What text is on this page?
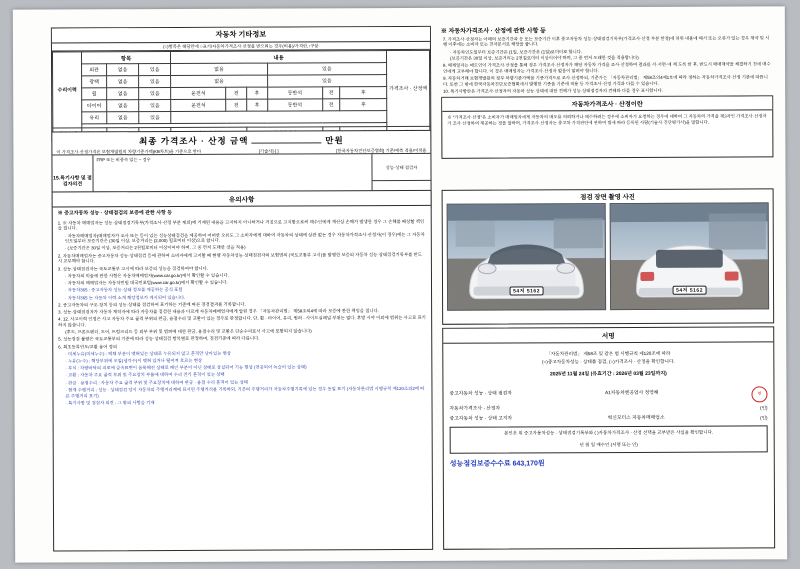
자동차 기타정보
(○)항목은 해당란에 ○표기/자동차가격조사·산정을 받으려는 경우(비용)/가격란,↑구분
수리이력	항목			내용						가격조사 · 산정액
	외관	없음	있음	없음			있음			
	광택	없음	있음	없음			있음			
	휠	없음	있음	운전석	전	후	동반석	전	후	
	타이어	없음	있음	운전석	전	후	동반석	전	후	
	유리	없음	있음							

최종 가격조사 · 산정 금액	만원
이 가격조사·산정가격은 보험개발원의 차량기준가액(KB차트)을 기준으로 한다	[기술사]·[ ]	[한국자동차진단보증협회] 기준/예측 적용/미적용
15.특기사항 및 점검자의견
FRP 또는 비중속 있는 ~ 경우
성능·상태 점검자
※ 자동차가격조사 · 산정에 관한 사항 등

7. 가격조사·산정자는 아래의 보증기간과 등 또는 보증기간 이후 중고자동차 성능·상태점검기록부(가격조사·산정 부분 한정)에 허위 내용에 해서 또는 오류가 있는 경우 계약 및 시행 이후에는 소비자 또는 전자문서로 해당을 줍니다.

· 자동차인도일부터 보증기간은 (1일, 보증기간은 (1일)로미터로 합니다.

(보증기간은 30일 이상, 보증거리는 2천킬로미터 이상이어야 하며, 그 중 먼저 도래한 것을 적용합니다)

8. 해제일자는 매도인이 가격조사·산정을 통해 정우 가격조사·산정자가 해당 자동차 가격을 조사·산정하여 결과를 서·서면·에 제 도록 한 후, 반드시 매매계약을 체결하기 전에 매수인에게 교부해야 합니다. 이 경우 매매업자는 가격조사·산정자 없음이 알려야 합니다.

9. 자동차거래 보험개발원의 정부 차량기준가액을 기준가격으로 조사·산정하되, 기준가는 「자동차관리법」 제58조의4제1호에 따라 정하는 자동차가격조사·산정 기준에 따릅니다. 또한 그 밖에 한국자동차진단보증협회에서 발행한 기준을 기준에 적용 등 가격조사·산정 가격과 다를 수 있습니다.

10. 특기사항란은 가격조사·산정자의 자동차 성능·상태에 대한 견해가 성능·상태점검자의 견해와 다를 경우 표시합니다.

자동차가격조사 · 산정이란
※ "가격조사·산정"은 소비자가 매매업자에게 자동차의 매도를 의뢰하거나 매수하려는 경우에 소비자가 요청하는 경우에 대하여 그 자동차의 가격을 제3자인 가격조사·산정자가 조사·산정하여 제공하는 것을 말하며, 가격조사·산정자는 중고차 가격판단에 관하여 법에 따라 등록된 사람(기술사·진단평가사)을 말합니다.
유의사항

※ 중고자동차 성능 · 상태점검의 보증에 관한 사항 등

1. ※ 자동차 매매업자는 성능·상태점검기록부(가격조사·산정 부분 제외)에 기재된 내용을 고지하지 아니하거나 거짓으로 고지함으로써 매수인에게 재산상 손해가 발생한 경우 그 손해를 배상할 책임을 집니다.

· 자동차매매업자(매매업자가 조사 또는 등이 있는 성능상태점검을 제공하여 어떠한 오류도 그 소비자에게 대하여 자동차의 상태에 상관 없는 경우 자동차가격조사·산정자(이 경우)에는 그 자동차인도일부터 보증기간은 (30일 이상, 보증거리는 (2,000) 킬로미터 이상)으로 합니다.

· (보증기간은 30일 이상, 보증거리는 2천킬로미터 이상이어야 하며, 그 중 먼저 도래한 것을 적용)

2. 자동차매매업자는 중고자동차 성능·상태점검 등에 관하여 소비자에게 고지할 때 현행 자동차성능·상태점검자의 보험법의 (국토교통부 고시)를 발행한 보증의 자동차 성능·상태점검기록부를 반드시 교부해야 합니다.

3. 성능·상태점검자는 국토교통부 고시에 따라 보증의 성능을 점검하여야 합니다.

· 자동차의 미술에 관한 사항은 자동차매매업자(www.car.go.kr)에서 확인할 수 있습니다.

· 자동차의 매매업자는 자동차민원 대국민포털(www.car.go.kr)에서 확인할 수 있습니다.

· 자동차365 : 중고자동차 성능·상태 정보를 제공하는 공식 포털

· 자동차365 는 자동차 이력 소개 해당정보가 게시되어 있습니다.

2. 중고자동차의 구조·장치 등의 성능·상태를 점검하여 표기하는 기준에 따른 점검결과를 기록합니다.

3. 성능·상태점검자가 자동차 제작자에 따라 자동차를 점검한 내용과 다르게 자동차매매업자에게 알린 경우 「자동차관리법」 제58조의4에 따라 보증에 관한 책임을 집니다.

4. 12. 사고이력 인정은 사고 자동차 주요 골격 부위의 판금, 용접수리 및 교환이 있는 경우로 판정합니다. 단, 휠 · 타이어, 유리, 범퍼 · 사이드실패널 부위는 없다. 후방 시야 이외에 범위는 사고로 표기하지 않습니다.

(후드, 프론트펜더, 도어, 트렁크리드 등 외부 부위 및 범퍼에 대한 판금, 용접수리 및 교환은 단순수리로서 사고에 포함되지 않습니다)

5. 성능점검 불량은 국토교통부의 기준에 따라 성능·상태점검 항목별로 판정하며, 점검기준에 따라 다릅니다.

6. 최초등록연도/교환 용어 정의

· 미세누유(미세누수) : 액체 부분이 맺혀있는 상태로 누유되지 않고 흔적만 남아있는 현상

· 누유(누수) : 해당부위에 오일(냉각수)이 맺혀 있거나 떨어져 흐르는 현상

· 부식 : 차량바닥의 피로에 금속표면이 움푹해진 상태로 패인 부분이 아닌 상태로 상실되어 기능 현상 (천공되어 녹슬어 있는 상태)

· 교환 : 자동차 주요 골격 부위 및 주요장치 부품에 대하여 수리 전기 흔적이 있는 상태

· 판금 · 용접수리 : 자동차 주요 골격 부위 및 주요장치에 대하여 판금 · 용접 수리 흔적이 있는 상태

· 현재 수행거리 : 성능 · 상태점검 당시 자동차의 주행거리계에 표시된 주행거리를 기록하되, 기존의 주행거리가 자동차주행기록에 있는 경우 동일 표기 (자동차관리법 시행규칙 제120조의2에 따른 주행거리 표기)

· 특기사항 및 점검자 의견 : 그 밖의 사항을 기재

점검 장면 촬영 사진
54저 5162	54저 5162
서명

「자동차관리법」 제58조 및 같은 법 시행규칙 제120조에 따라

(○)중고자동차성능 · 상태를 점검, (○)가격조사 · 산정을 확인합니다.

2025년 11월 24일 (유효기간 : 2026년 03월 23일까지)

중고자동차 성능 · 상태 점검자	A1자동차벤공업사 정영해	인
자동차가격조사 · 산정자	(인)
중고자동차 성능 · 상태 고지자	혁신모터스 자동차매매업소	(인)
본인은 위 중고자동차성능 · 상태점검기록부와 ( )자동차가격조사 · 산정 선택을 교부받은 사실을 확인합니다.
년 월 일 매수인 (서명 또는 인)
성능점검보증수수료 643,170원
